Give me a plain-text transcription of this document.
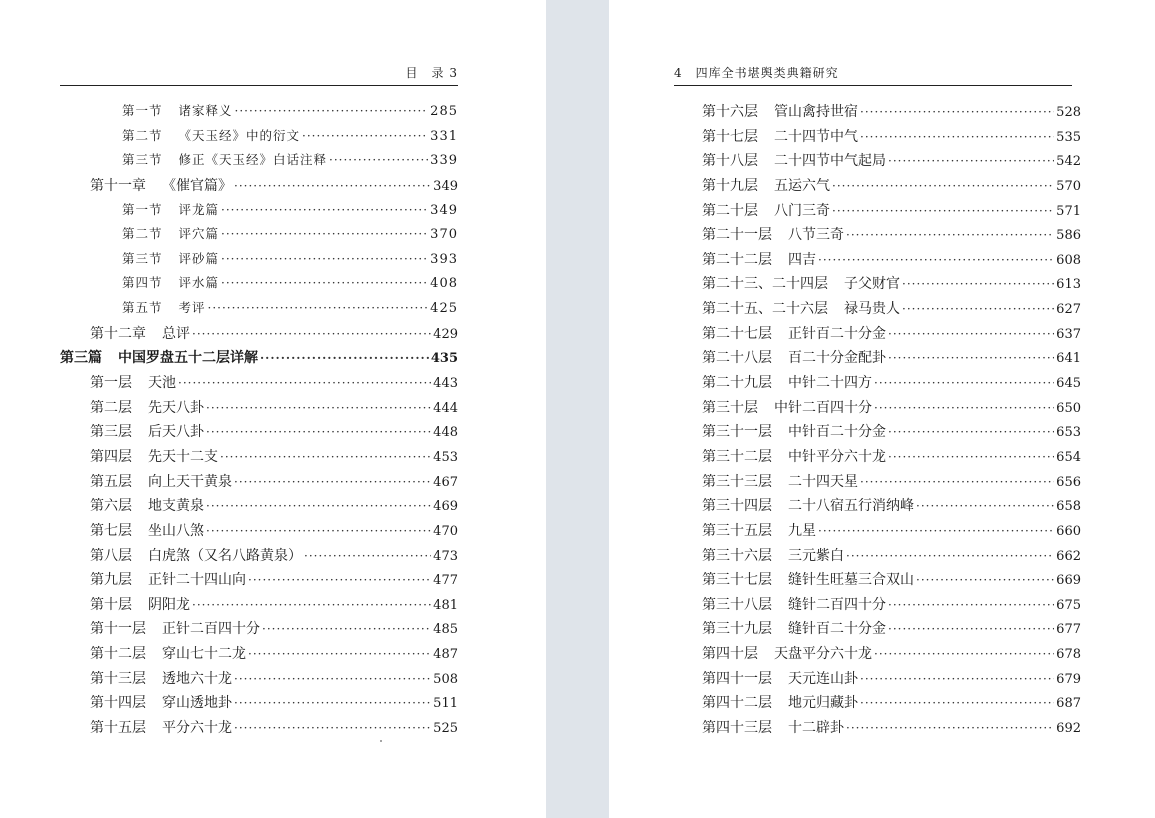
目　录 3
第一节 诸家释义 ·····	285
第二节 《天玉经》中的衍文 ·····	331
第三节 修正《天玉经》白话注释 ·····	339
第十一章 《催官篇》 ·····	349
第一节 评龙篇 ·····	349
第二节 评穴篇 ·····	370
第三节 评砂篇 ·····	393
第四节 评水篇 ·····	408
第五节 考评 ·····	425
第十二章 总评 ·····	429
第三篇 中国罗盘五十二层详解 ·····	435
第一层 天池 ·····	443
第二层 先天八卦 ·····	444
第三层 后天八卦 ·····	448
第四层 先天十二支 ·····	453
第五层 向上天干黄泉 ·····	467
第六层 地支黄泉 ·····	469
第七层 坐山八煞 ·····	470
第八层 白虎煞（又名八路黄泉） ·····	473
第九层 正针二十四山向 ·····	477
第十层 阴阳龙 ·····	481
第十一层 正针二百四十分 ·····	485
第十二层 穿山七十二龙 ·····	487
第十三层 透地六十龙 ·····	508
第十四层 穿山透地卦 ·····	511
第十五层 平分六十龙 ·····	525
4　四库全书堪舆类典籍研究
第十六层 管山禽持世宿 ·····	528
第十七层 二十四节中气 ·····	535
第十八层 二十四节中气起局 ·····	542
第十九层 五运六气 ·····	570
第二十层 八门三奇 ·····	571
第二十一层 八节三奇 ·····	586
第二十二层 四吉 ·····	608
第二十三、二十四层 子父财官 ·····	613
第二十五、二十六层 禄马贵人 ·····	627
第二十七层 正针百二十分金 ·····	637
第二十八层 百二十分金配卦 ·····	641
第二十九层 中针二十四方 ·····	645
第三十层 中针二百四十分 ·····	650
第三十一层 中针百二十分金 ·····	653
第三十二层 中针平分六十龙 ·····	654
第三十三层 二十四天星 ·····	656
第三十四层 二十八宿五行消纳峰 ·····	658
第三十五层 九星 ·····	660
第三十六层 三元紫白 ·····	662
第三十七层 缝针生旺墓三合双山 ·····	669
第三十八层 缝针二百四十分 ·····	675
第三十九层 缝针百二十分金 ·····	677
第四十层 天盘平分六十龙 ·····	678
第四十一层 天元连山卦 ·····	679
第四十二层 地元归藏卦 ·····	687
第四十三层 十二辟卦 ·····	692
